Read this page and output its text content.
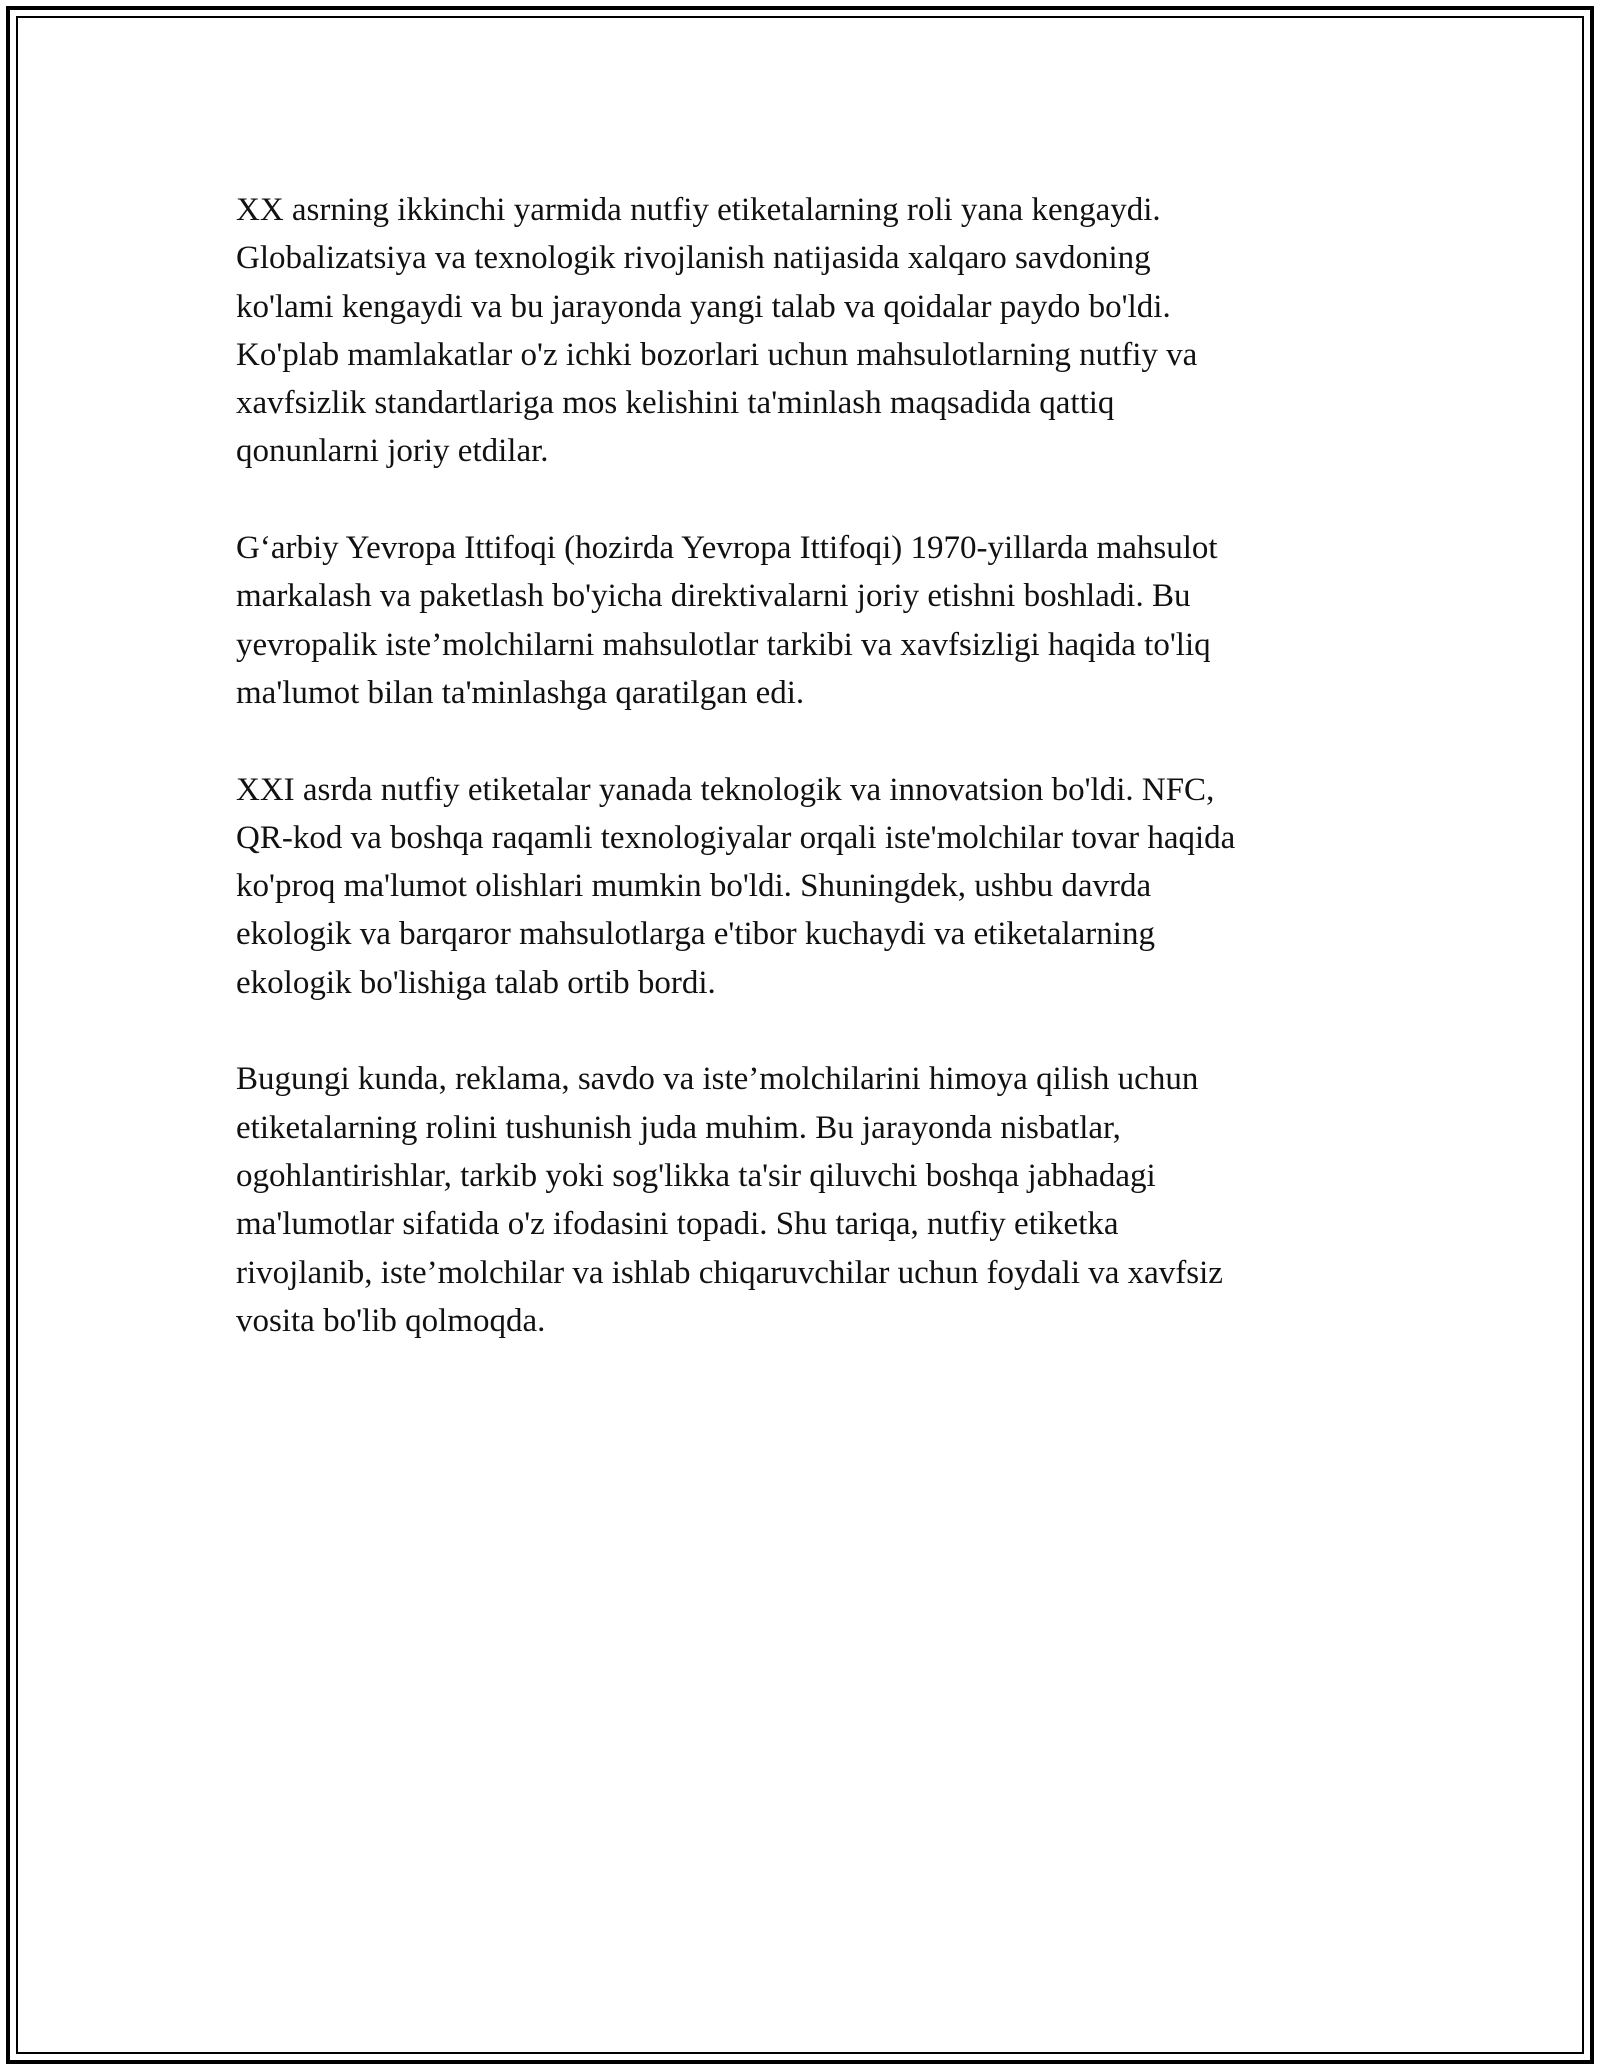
XX asrning ikkinchi yarmida nutfiy etiketalarning roli yana kengaydi.
Globalizatsiya va texnologik rivojlanish natijasida xalqaro savdoning
ko'lami kengaydi va bu jarayonda yangi talab va qoidalar paydo bo'ldi.
Ko'plab mamlakatlar o'z ichki bozorlari uchun mahsulotlarning nutfiy va
xavfsizlik standartlariga mos kelishini ta'minlash maqsadida qattiq
qonunlarni joriy etdilar.

G‘arbiy Yevropa Ittifoqi (hozirda Yevropa Ittifoqi) 1970-yillarda mahsulot
markalash va paketlash bo'yicha direktivalarni joriy etishni boshladi. Bu
yevropalik iste’molchilarni mahsulotlar tarkibi va xavfsizligi haqida to'liq
ma'lumot bilan ta'minlashga qaratilgan edi.

XXI asrda nutfiy etiketalar yanada teknologik va innovatsion bo'ldi. NFC,
QR-kod va boshqa raqamli texnologiyalar orqali iste'molchilar tovar haqida
ko'proq ma'lumot olishlari mumkin bo'ldi. Shuningdek, ushbu davrda
ekologik va barqaror mahsulotlarga e'tibor kuchaydi va etiketalarning
ekologik bo'lishiga talab ortib bordi.

Bugungi kunda, reklama, savdo va iste’molchilarini himoya qilish uchun
etiketalarning rolini tushunish juda muhim. Bu jarayonda nisbatlar,
ogohlantirishlar, tarkib yoki sog'likka ta'sir qiluvchi boshqa jabhadagi
ma'lumotlar sifatida o'z ifodasini topadi. Shu tariqa, nutfiy etiketka
rivojlanib, iste’molchilar va ishlab chiqaruvchilar uchun foydali va xavfsiz
vosita bo'lib qolmoqda.
